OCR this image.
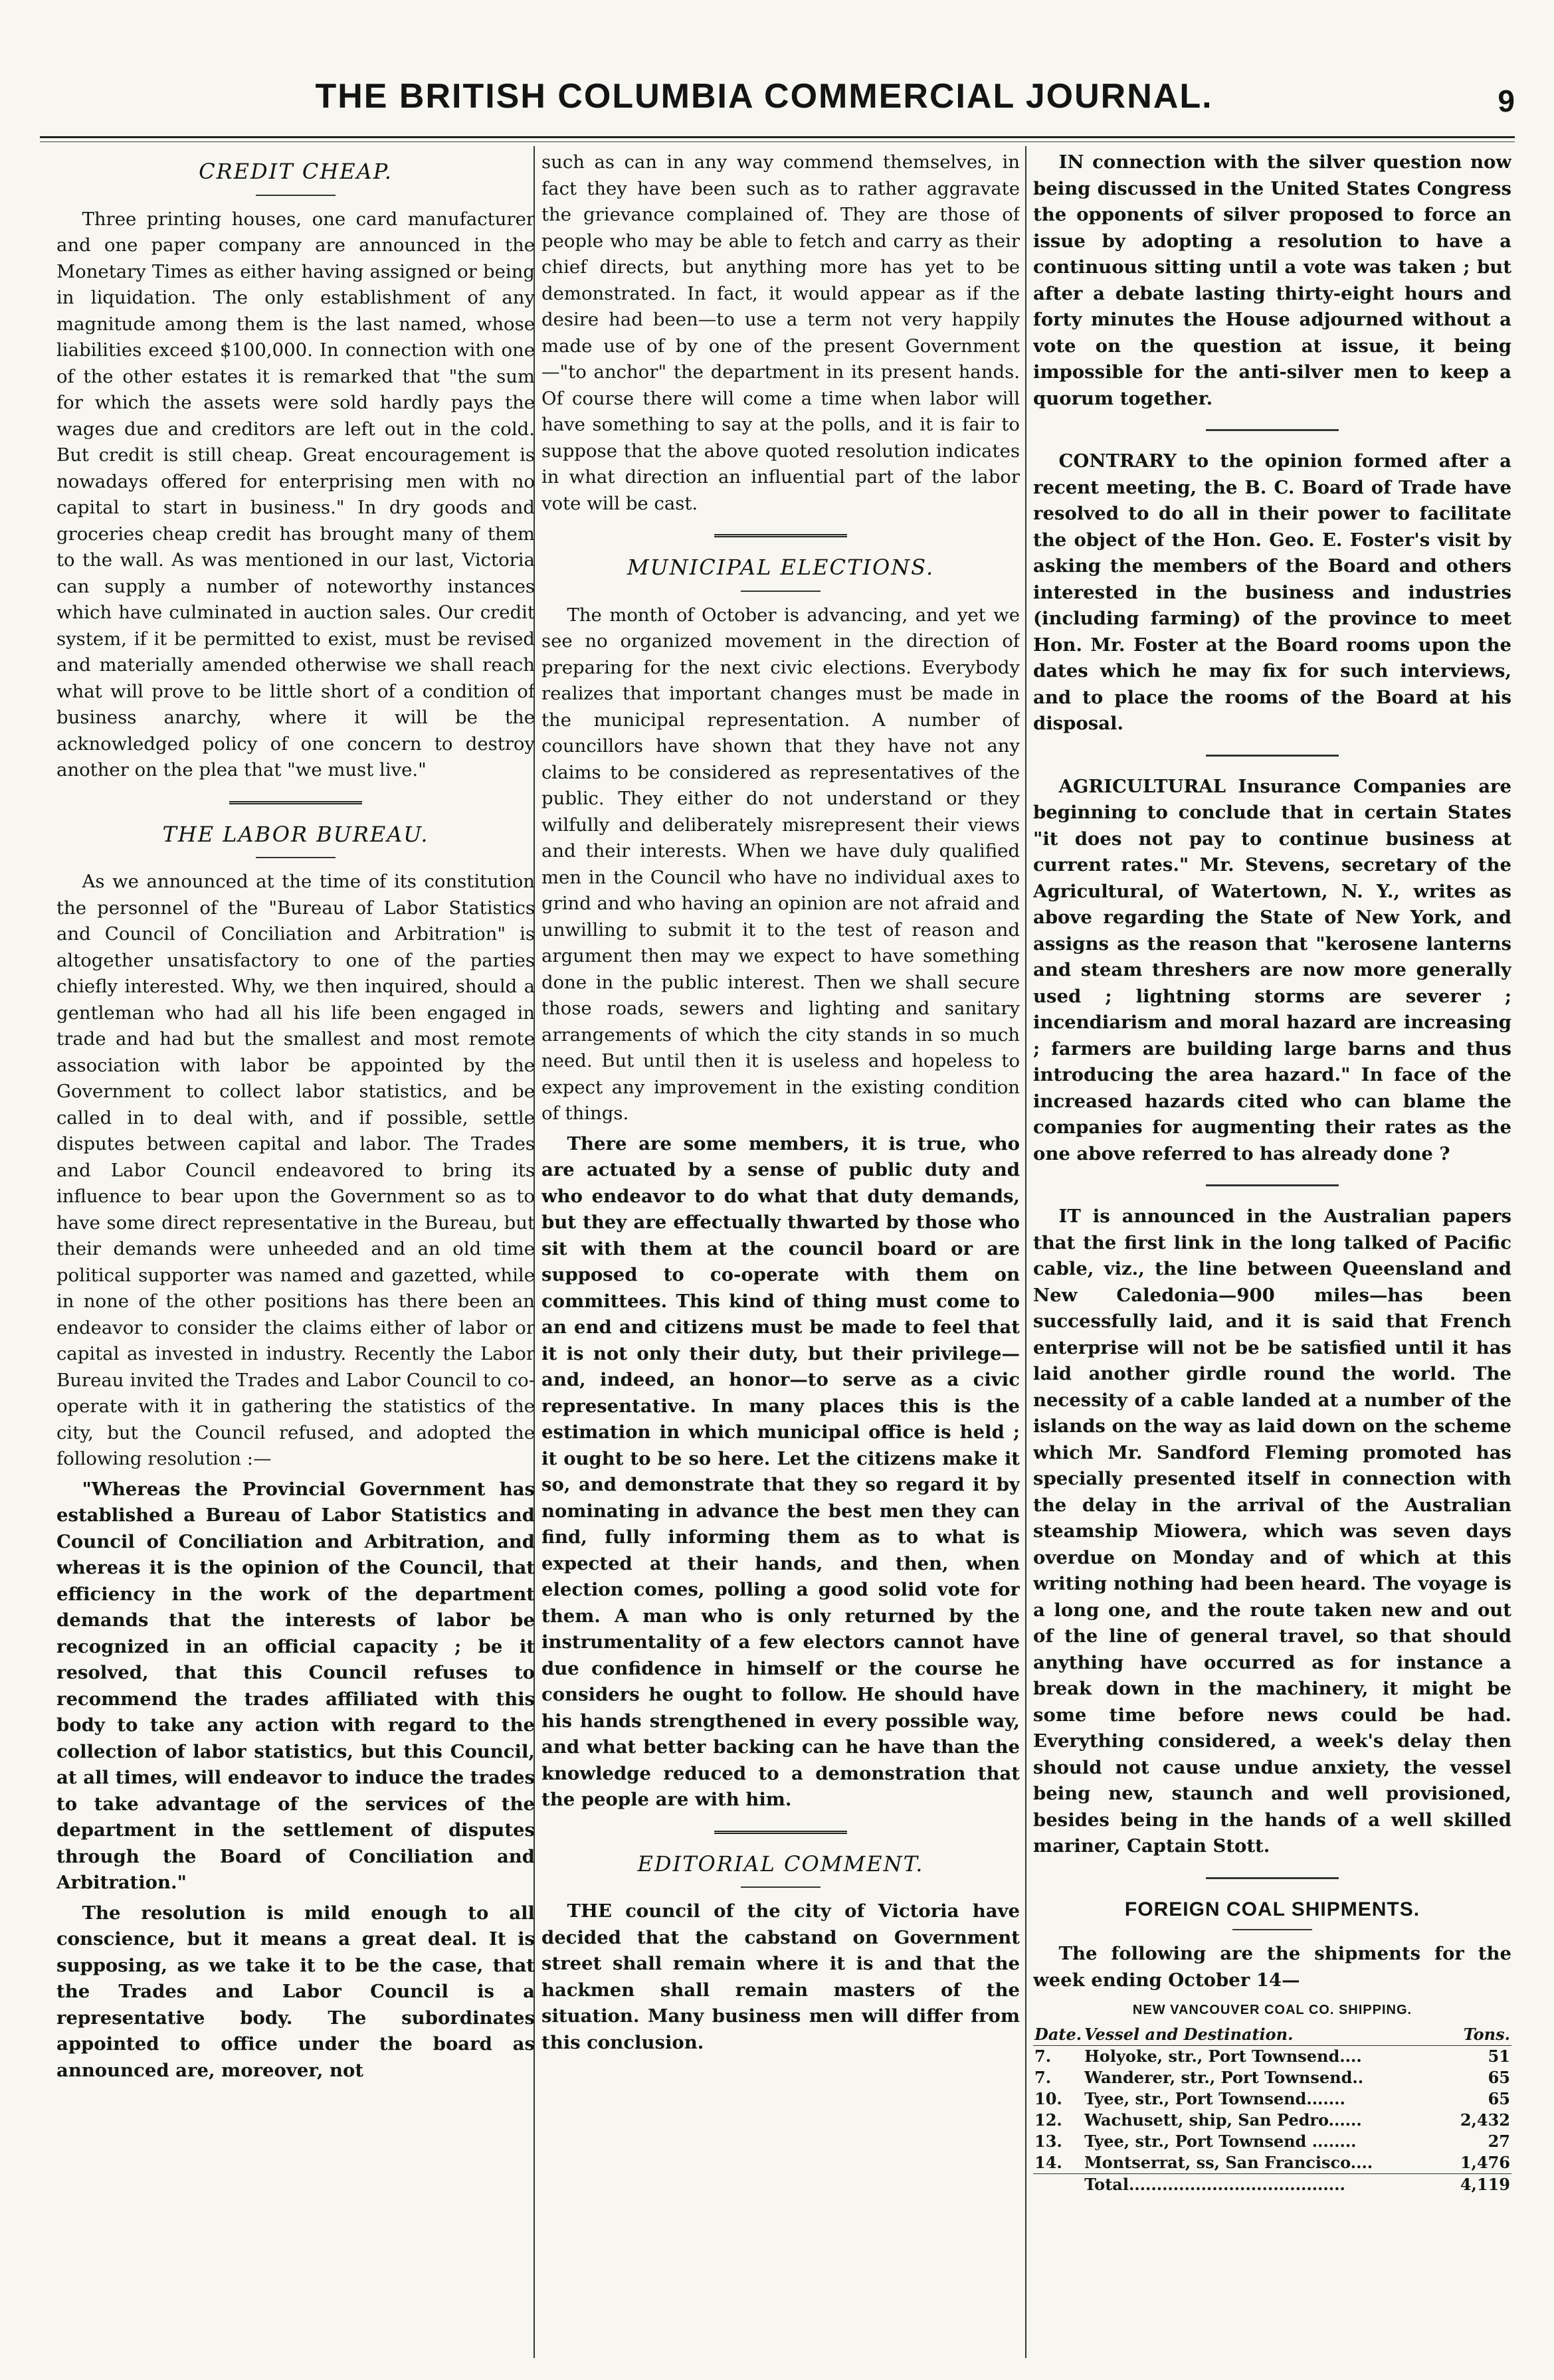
THE BRITISH COLUMBIA COMMERCIAL JOURNAL.	9
CREDIT CHEAP.

Three printing houses, one card manufacturer and one paper company are announced in the Monetary Times as either having assigned or being in liquidation. The only establishment of any magnitude among them is the last named, whose liabilities exceed $100,000. In connection with one of the other estates it is remarked that "the sum for which the assets were sold hardly pays the wages due and creditors are left out in the cold. But credit is still cheap. Great encouragement is nowadays offered for enterprising men with no capital to start in business." In dry goods and groceries cheap credit has brought many of them to the wall. As was mentioned in our last, Victoria can supply a number of noteworthy instances which have culminated in auction sales. Our credit system, if it be permitted to exist, must be revised and materially amended otherwise we shall reach what will prove to be little short of a condition of business anarchy, where it will be the acknowledged policy of one concern to destroy another on the plea that "we must live."

THE LABOR BUREAU.

As we announced at the time of its constitution the personnel of the "Bureau of Labor Statistics and Council of Conciliation and Arbitration" is altogether unsatisfactory to one of the parties chiefly interested. Why, we then inquired, should a gentleman who had all his life been engaged in trade and had but the smallest and most remote association with labor be appointed by the Government to collect labor statistics, and be called in to deal with, and if possible, settle disputes between capital and labor. The Trades and Labor Council endeavored to bring its influence to bear upon the Government so as to have some direct representative in the Bureau, but their demands were unheeded and an old time political supporter was named and gazetted, while in none of the other positions has there been an endeavor to consider the claims either of labor or capital as invested in industry. Recently the Labor Bureau invited the Trades and Labor Council to co-operate with it in gathering the statistics of the city, but the Council refused, and adopted the following resolution :—

"Whereas the Provincial Government has established a Bureau of Labor Statistics and Council of Conciliation and Arbitration, and whereas it is the opinion of the Council, that efficiency in the work of the department demands that the interests of labor be recognized in an official capacity ; be it resolved, that this Council refuses to recommend the trades affiliated with this body to take any action with regard to the collection of labor statistics, but this Council, at all times, will endeavor to induce the trades to take advantage of the services of the department in the settlement of disputes through the Board of Conciliation and Arbitration."

The resolution is mild enough to all conscience, but it means a great deal. It is supposing, as we take it to be the case, that the Trades and Labor Council is a representative body. The subordinates appointed to office under the board as announced are, moreover, not

such as can in any way commend themselves, in fact they have been such as to rather aggravate the grievance complained of. They are those of people who may be able to fetch and carry as their chief directs, but anything more has yet to be demonstrated. In fact, it would appear as if the desire had been—to use a term not very happily made use of by one of the present Government—"to anchor" the department in its present hands. Of course there will come a time when labor will have something to say at the polls, and it is fair to suppose that the above quoted resolution indicates in what direction an influential part of the labor vote will be cast.

MUNICIPAL ELECTIONS.

The month of October is advancing, and yet we see no organized movement in the direction of preparing for the next civic elections. Everybody realizes that important changes must be made in the municipal representation. A number of councillors have shown that they have not any claims to be considered as representatives of the public. They either do not understand or they wilfully and deliberately misrepresent their views and their interests. When we have duly qualified men in the Council who have no individual axes to grind and who having an opinion are not afraid and unwilling to submit it to the test of reason and argument then may we expect to have something done in the public interest. Then we shall secure those roads, sewers and lighting and sanitary arrangements of which the city stands in so much need. But until then it is useless and hopeless to expect any improvement in the existing condition of things.

There are some members, it is true, who are actuated by a sense of public duty and who endeavor to do what that duty demands, but they are effectually thwarted by those who sit with them at the council board or are supposed to co-operate with them on committees. This kind of thing must come to an end and citizens must be made to feel that it is not only their duty, but their privilege—and, indeed, an honor—to serve as a civic representative. In many places this is the estimation in which municipal office is held ; it ought to be so here. Let the citizens make it so, and demonstrate that they so regard it by nominating in advance the best men they can find, fully informing them as to what is expected at their hands, and then, when election comes, polling a good solid vote for them. A man who is only returned by the instrumentality of a few electors cannot have due confidence in himself or the course he considers he ought to follow. He should have his hands strengthened in every possible way, and what better backing can he have than the knowledge reduced to a demonstration that the people are with him.

EDITORIAL COMMENT.

THE council of the city of Victoria have decided that the cabstand on Government street shall remain where it is and that the hackmen shall remain masters of the situation. Many business men will differ from this conclusion.

IN connection with the silver question now being discussed in the United States Congress the opponents of silver proposed to force an issue by adopting a resolution to have a continuous sitting until a vote was taken ; but after a debate lasting thirty-eight hours and forty minutes the House adjourned without a vote on the question at issue, it being impossible for the anti-silver men to keep a quorum together.

CONTRARY to the opinion formed after a recent meeting, the B. C. Board of Trade have resolved to do all in their power to facilitate the object of the Hon. Geo. E. Foster's visit by asking the members of the Board and others interested in the business and industries (including farming) of the province to meet Hon. Mr. Foster at the Board rooms upon the dates which he may fix for such interviews, and to place the rooms of the Board at his disposal.

AGRICULTURAL Insurance Companies are beginning to conclude that in certain States "it does not pay to continue business at current rates." Mr. Stevens, secretary of the Agricultural, of Watertown, N. Y., writes as above regarding the State of New York, and assigns as the reason that "kerosene lanterns and steam threshers are now more generally used ; lightning storms are severer ; incendiarism and moral hazard are increasing ; farmers are building large barns and thus introducing the area hazard." In face of the increased hazards cited who can blame the companies for augmenting their rates as the one above referred to has already done ?

IT is announced in the Australian papers that the first link in the long talked of Pacific cable, viz., the line between Queensland and New Caledonia—900 miles—has been successfully laid, and it is said that French enterprise will not be be satisfied until it has laid another girdle round the world. The necessity of a cable landed at a number of the islands on the way as laid down on the scheme which Mr. Sandford Fleming promoted has specially presented itself in connection with the delay in the arrival of the Australian steamship Miowera, which was seven days overdue on Monday and of which at this writing nothing had been heard. The voyage is a long one, and the route taken new and out of the line of general travel, so that should anything have occurred as for instance a break down in the machinery, it might be some time before news could be had. Everything considered, a week's delay then should not cause undue anxiety, the vessel being new, staunch and well provisioned, besides being in the hands of a well skilled mariner, Captain Stott.

FOREIGN COAL SHIPMENTS.

The following are the shipments for the week ending October 14—

NEW VANCOUVER COAL CO. SHIPPING.
Date.	Vessel and Destination.	Tons.
7.	Holyoke, str., Port Townsend....	51
7.	Wanderer, str., Port Townsend..	65
10.	Tyee, str., Port Townsend.......	65
12.	Wachusett, ship, San Pedro......	2,432
13.	Tyee, str., Port Townsend ........	27
14.	Montserrat, ss, San Francisco....	1,476
	Total.......................................	4,119
